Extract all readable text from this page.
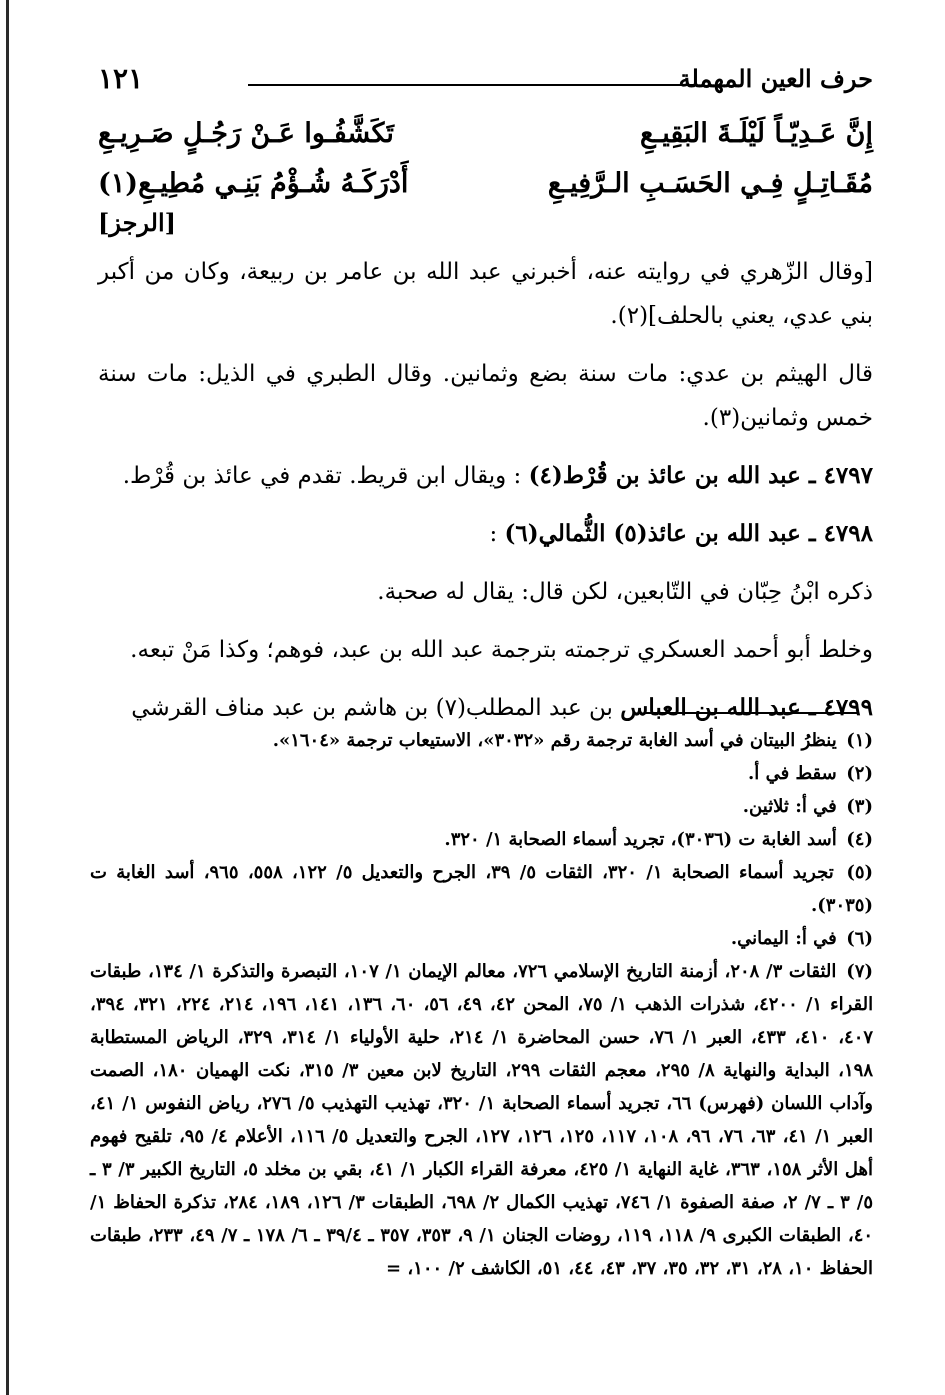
١٢١	حرف العين المهملة
إِنَّ عَـدِيّـاً لَيْلَـةَ البَقِيـعِ
تَكَشَّفُـوا عَـنْ رَجُـلٍ صَـرِيـعِ
مُقَـاتِـلٍ فِـي الحَسَـبِ الـرَّفِيـعِ
أَدْرَكَـهُ شُـؤْمُ بَنِـي مُطِيـعِ(١)
[الرجز]

[وقال الزّهري في روايته عنه، أخبرني عبد الله بن عامر بن ربيعة، وكان من أكبر بني عدي، يعني بالحلف](٢).

قال الهيثم بن عدي: مات سنة بضع وثمانين. وقال الطبري في الذيل: مات سنة خمس وثمانين(٣).

٤٧٩٧ ـ عبد الله بن عائذ بن قُرْط(٤) : ويقال ابن قريط. تقدم في عائذ بن قُرْط.

٤٧٩٨ ـ عبد الله بن عائذ(٥) الثُّمالي(٦) :

ذكره ابْنُ حِبّان في التّابعين، لكن قال: يقال له صحبة.

وخلط أبو أحمد العسكري ترجمته بترجمة عبد الله بن عبد، فوهم؛ وكذا مَنْ تبعه.

٤٧٩٩ ـ عبد الله بن العباس بن عبد المطلب(٧) بن هاشم بن عبد مناف القرشي

(١) ينظرُ البيتان في أسد الغابة ترجمة رقم «٣٠٣٢»، الاستيعاب ترجمة «١٦٠٤».

(٢) سقط في أ.

(٣) في أ: ثلاثين.

(٤) أسد الغابة ت (٣٠٣٦)، تجريد أسماء الصحابة ١/ ٣٢٠.

(٥) تجريد أسماء الصحابة ١/ ٣٢٠، الثقات ٥/ ٣٩، الجرح والتعديل ٥/ ١٢٢، ٥٥٨، ٩٦٥، أسد الغابة ت (٣٠٣٥).

(٦) في أ: اليماني.

(٧) الثقات ٣/ ٢٠٨، أزمنة التاريخ الإسلامي ٧٢٦، معالم الإيمان ١/ ١٠٧، التبصرة والتذكرة ١/ ١٣٤، طبقات القراء ١/ ٤٢٠٠، شذرات الذهب ١/ ٧٥، المحن ٤٢، ٤٩، ٥٦، ٦٠، ١٣٦، ١٤١، ١٩٦، ٢١٤، ٢٢٤، ٣٢١، ٣٩٤، ٤٠٧، ٤١٠، ٤٣٣، العبر ١/ ٧٦، حسن المحاضرة ١/ ٢١٤، حلية الأولياء ١/ ٣١٤، ٣٢٩، الرياض المستطابة ١٩٨، البداية والنهاية ٨/ ٢٩٥، معجم الثقات ٢٩٩، التاريخ لابن معين ٣/ ٣١٥، نكت الهميان ١٨٠، الصمت وآداب اللسان (فهرس) ٦٦، تجريد أسماء الصحابة ١/ ٣٢٠، تهذيب التهذيب ٥/ ٢٧٦، رياض النفوس ١/ ٤١، العبر ١/ ٤١، ٦٣، ٧٦، ٩٦، ١٠٨، ١١٧، ١٢٥، ١٢٦، ١٢٧، الجرح والتعديل ٥/ ١١٦، الأعلام ٤/ ٩٥، تلقيح فهوم أهل الأثر ١٥٨، ٣٦٣، غاية النهاية ١/ ٤٢٥، معرفة القراء الكبار ١/ ٤١، بقي بن مخلد ٥، التاريخ الكبير ٣/ ٣ ـ ٥/ ٣ ـ ٧/ ٢، صفة الصفوة ١/ ٧٤٦، تهذيب الكمال ٢/ ٦٩٨، الطبقات ٣/ ١٢٦، ١٨٩، ٢٨٤، تذكرة الحفاظ ١/ ٤٠، الطبقات الكبرى ٩/ ١١٨، ١١٩، روضات الجنان ١/ ٩، ٣٥٣، ٣٥٧ ـ ٣٩/٤ ـ ٦/ ١٧٨ ـ ٧/ ٤٩، ٢٣٣، طبقات الحفاظ ١٠، ٢٨، ٣١، ٣٢، ٣٥، ٣٧، ٤٣، ٤٤، ٥١، الكاشف ٢/ ١٠٠، =
